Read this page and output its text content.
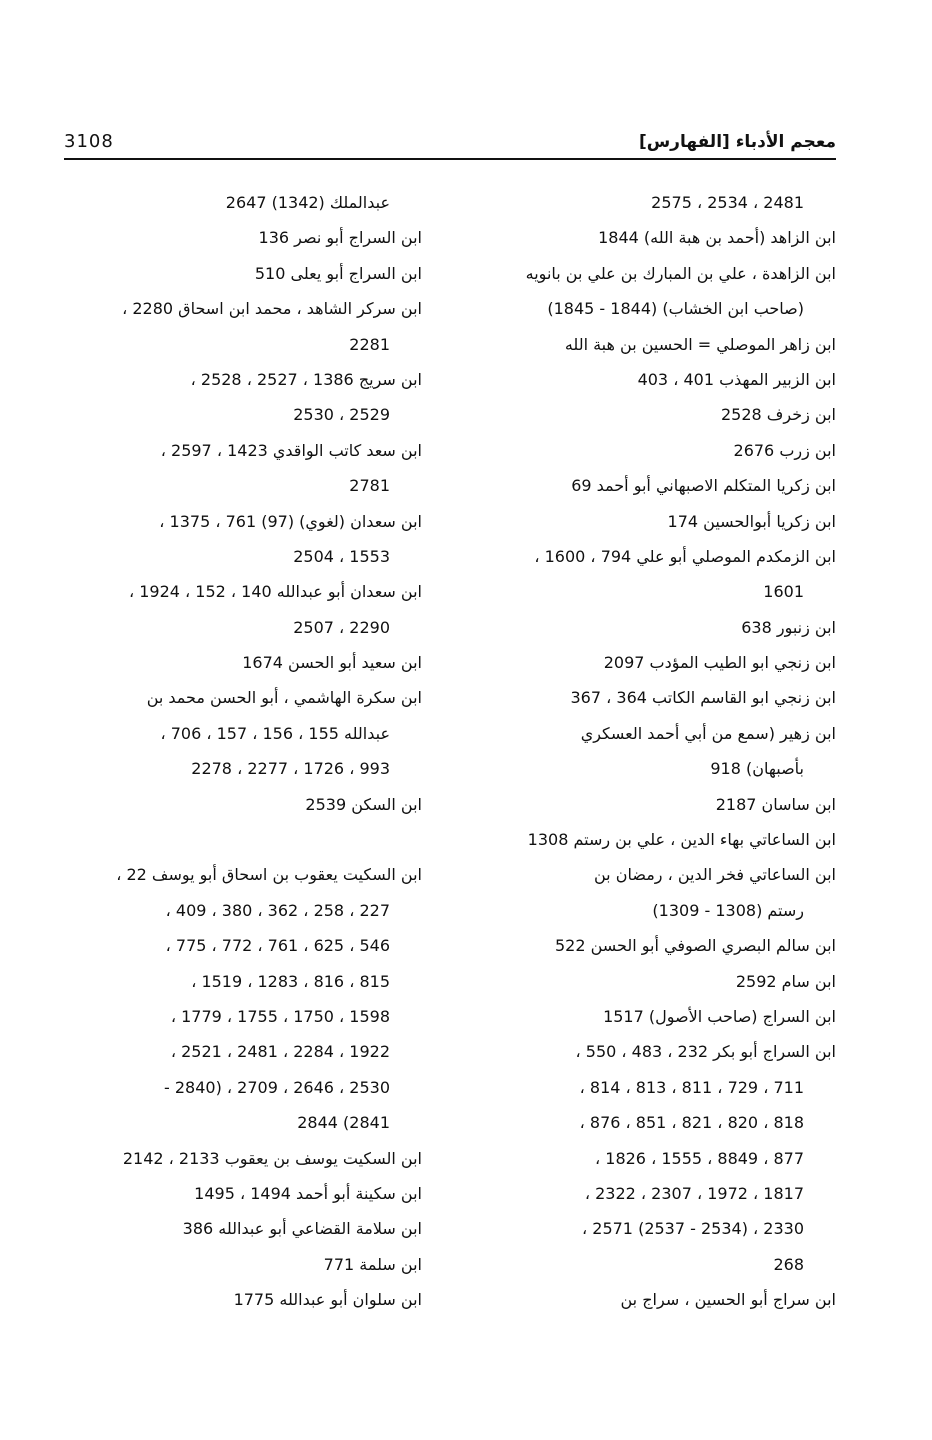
3108	معجم الأدباء [الفهارس]
2481 ، 2534 ، 2575
ابن الزاهد (أحمد بن هبة الله) 1844
ابن الزاهدة ، علي بن المبارك بن علي بن بانويه
(صاحب ابن الخشاب) (1844 - 1845)
ابن زاهر الموصلي = الحسين بن هبة الله
ابن الزبير المهذب 401 ، 403
ابن زخرف 2528
ابن زرب 2676
ابن زكريا المتكلم الاصبهاني أبو أحمد 69
ابن زكريا أبوالحسين 174
ابن الزمكدم الموصلي أبو علي 794 ، 1600 ،
1601
ابن زنبور 638
ابن زنجي ابو الطيب المؤدب 2097
ابن زنجي ابو القاسم الكاتب 364 ، 367
ابن زهير (سمع من أبي أحمد العسكري
بأصبهان) 918
ابن ساسان 2187
ابن الساعاتي بهاء الدين ، علي بن رستم 1308
ابن الساعاتي فخر الدين ، رمضان بن
رستم (1308 - 1309)
ابن سالم البصري الصوفي أبو الحسن 522
ابن سام 2592
ابن السراج (صاحب الأصول) 1517
ابن السراج أبو بكر 232 ، 483 ، 550 ،
711 ، 729 ، 811 ، 813 ، 814 ،
818 ، 820 ، 821 ، 851 ، 876 ،
877 ، 8849 ، 1555 ، 1826 ،
1817 ، 1972 ، 2307 ، 2322 ،
2330 ، (2534 - 2537) 2571 ،
268
ابن سراج أبو الحسين ، سراج بن
عبدالملك (1342) 2647
ابن السراج أبو نصر 136
ابن السراج أبو يعلى 510
ابن سركر الشاهد ، محمد ابن اسحاق 2280 ،
2281
ابن سريج 1386 ، 2527 ، 2528 ،
2529 ، 2530
ابن سعد كاتب الواقدي 1423 ، 2597 ،
2781
ابن سعدان (لغوي) (97) 761 ، 1375 ،
1553 ، 2504
ابن سعدان أبو عبدالله 140 ، 152 ، 1924 ،
2290 ، 2507
ابن سعيد أبو الحسن 1674
ابن سكرة الهاشمي ، أبو الحسن محمد بن
عبدالله 155 ، 156 ، 157 ، 706 ،
993 ، 1726 ، 2277 ، 2278
ابن السكن 2539
ابن السكيت يعقوب بن اسحاق أبو يوسف 22 ،
227 ، 258 ، 362 ، 380 ، 409 ،
546 ، 625 ، 761 ، 772 ، 775 ،
815 ، 816 ، 1283 ، 1519 ،
1598 ، 1750 ، 1755 ، 1779 ،
1922 ، 2284 ، 2481 ، 2521 ،
2530 ، 2646 ، 2709 ، (2840 -
2841) 2844
ابن السكيت يوسف بن يعقوب 2133 ، 2142
ابن سكينة أبو أحمد 1494 ، 1495
ابن سلامة القضاعي أبو عبدالله 386
ابن سلمة 771
ابن سلوان أبو عبدالله 1775
